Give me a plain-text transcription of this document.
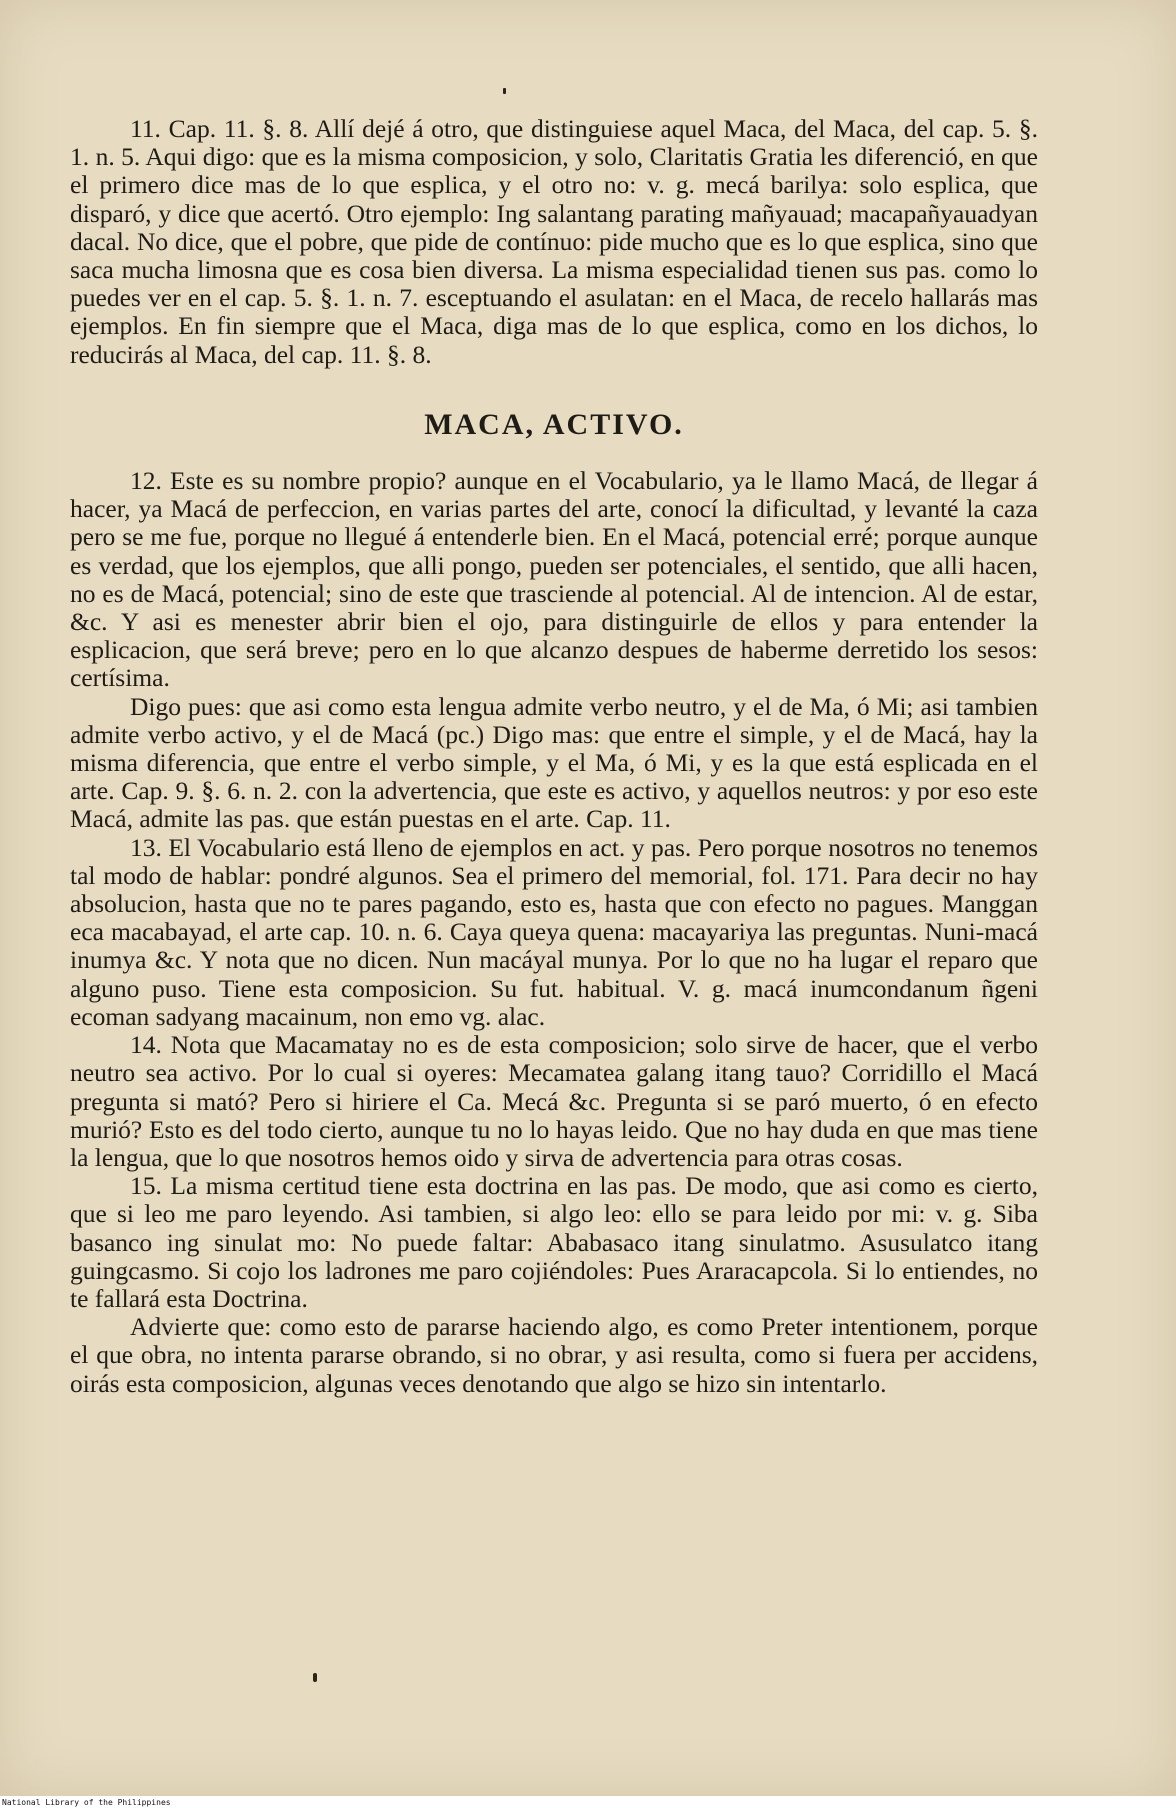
11. Cap. 11. §. 8. Allí dejé á otro, que distinguiese aquel Maca, del Maca, del cap. 5. §. 1. n. 5. Aqui digo: que es la misma composicion, y solo, Claritatis Gratia les diferenció, en que el primero dice mas de lo que esplica, y el otro no: v. g. mecá barilya: solo esplica, que disparó, y dice que acertó. Otro ejemplo: Ing salantang parating mañyauad; macapañyauadyan dacal. No dice, que el pobre, que pide de contínuo: pide mucho que es lo que esplica, sino que saca mucha limosna que es cosa bien diversa. La misma especialidad tienen sus pas. como lo puedes ver en el cap. 5. §. 1. n. 7. esceptuando el asulatan: en el Maca, de recelo hallarás mas ejemplos. En fin siempre que el Maca, diga mas de lo que esplica, como en los dichos, lo reducirás al Maca, del cap. 11. §. 8.

MACA, ACTIVO.

12. Este es su nombre propio? aunque en el Vocabulario, ya le llamo Macá, de llegar á hacer, ya Macá de perfeccion, en varias partes del arte, conocí la dificultad, y levanté la caza pero se me fue, porque no llegué á entenderle bien. En el Macá, potencial erré; porque aunque es verdad, que los ejemplos, que alli pongo, pueden ser potenciales, el sentido, que alli hacen, no es de Macá, potencial; sino de este que trasciende al potencial. Al de intencion. Al de estar, &c. Y asi es menester abrir bien el ojo, para distinguirle de ellos y para entender la esplicacion, que será breve; pero en lo que alcanzo despues de haberme derretido los sesos: certísima.

Digo pues: que asi como esta lengua admite verbo neutro, y el de Ma, ó Mi; asi tambien admite verbo activo, y el de Macá (pc.) Digo mas: que entre el simple, y el de Macá, hay la misma diferencia, que entre el verbo simple, y el Ma, ó Mi, y es la que está esplicada en el arte. Cap. 9. §. 6. n. 2. con la advertencia, que este es activo, y aquellos neutros: y por eso este Macá, admite las pas. que están puestas en el arte. Cap. 11.

13. El Vocabulario está lleno de ejemplos en act. y pas. Pero porque nosotros no tenemos tal modo de hablar: pondré algunos. Sea el primero del memorial, fol. 171. Para decir no hay absolucion, hasta que no te pares pagando, esto es, hasta que con efecto no pagues. Manggan eca macabayad, el arte cap. 10. n. 6. Caya queya quena: macayariya las preguntas. Nuni-macá inumya &c. Y nota que no dicen. Nun macáyal munya. Por lo que no ha lugar el reparo que alguno puso. Tiene esta composicion. Su fut. habitual. V. g. macá inumcondanum ñgeni ecoman sadyang macainum, non emo vg. alac.

14. Nota que Macamatay no es de esta composicion; solo sirve de hacer, que el verbo neutro sea activo. Por lo cual si oyeres: Mecamatea galang itang tauo? Corridillo el Macá pregunta si mató? Pero si hiriere el Ca. Mecá &c. Pregunta si se paró muerto, ó en efecto murió? Esto es del todo cierto, aunque tu no lo hayas leido. Que no hay duda en que mas tiene la lengua, que lo que nosotros hemos oido y sirva de advertencia para otras cosas.

15. La misma certitud tiene esta doctrina en las pas. De modo, que asi como es cierto, que si leo me paro leyendo. Asi tambien, si algo leo: ello se para leido por mi: v. g. Siba basanco ing sinulat mo: No puede faltar: Ababasaco itang sinulatmo. Asusulatco itang guingcasmo. Si cojo los ladrones me paro cojiéndoles: Pues Araracapcola. Si lo entiendes, no te fallará esta Doctrina.

Advierte que: como esto de pararse haciendo algo, es como Preter intentionem, porque el que obra, no intenta pararse obrando, si no obrar, y asi resulta, como si fuera per accidens, oirás esta composicion, algunas veces denotando que algo se hizo sin intentarlo.

National Library of the Philippines
